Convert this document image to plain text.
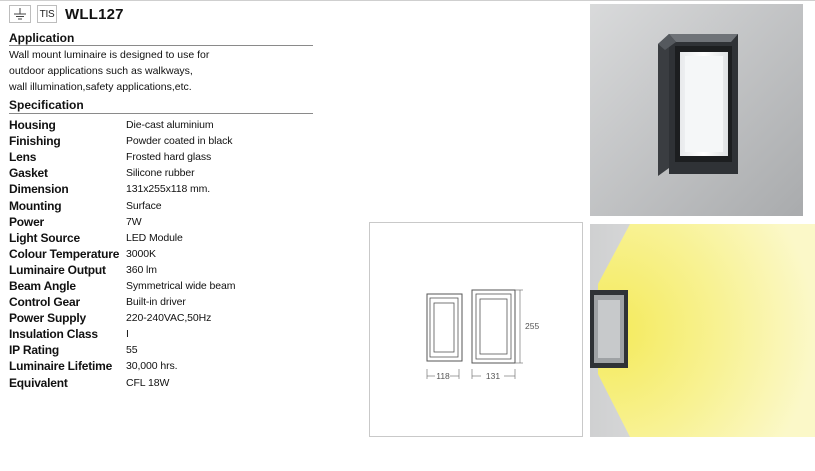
TIS WLL127
Application
Wall mount luminaire is designed to use for
outdoor applications such as walkways,
wall illumination,safety applications,etc.
Specification
Housing	Die-cast aluminium
Finishing	Powder coated in black
Lens	Frosted hard glass
Gasket	Silicone rubber
Dimension	131x255x118 mm.
Mounting	Surface
Power	7W
Light Source	LED Module
Colour Temperature 3000K
Luminaire Output	360 lm
Beam Angle	Symmetrical wide beam
Control Gear	Built-in driver
Power Supply	220-240VAC,50Hz
Insulation Class	I
IP Rating	55
Luminaire Lifetime	30,000 hrs.
Equivalent	CFL 18W
118	131
255
